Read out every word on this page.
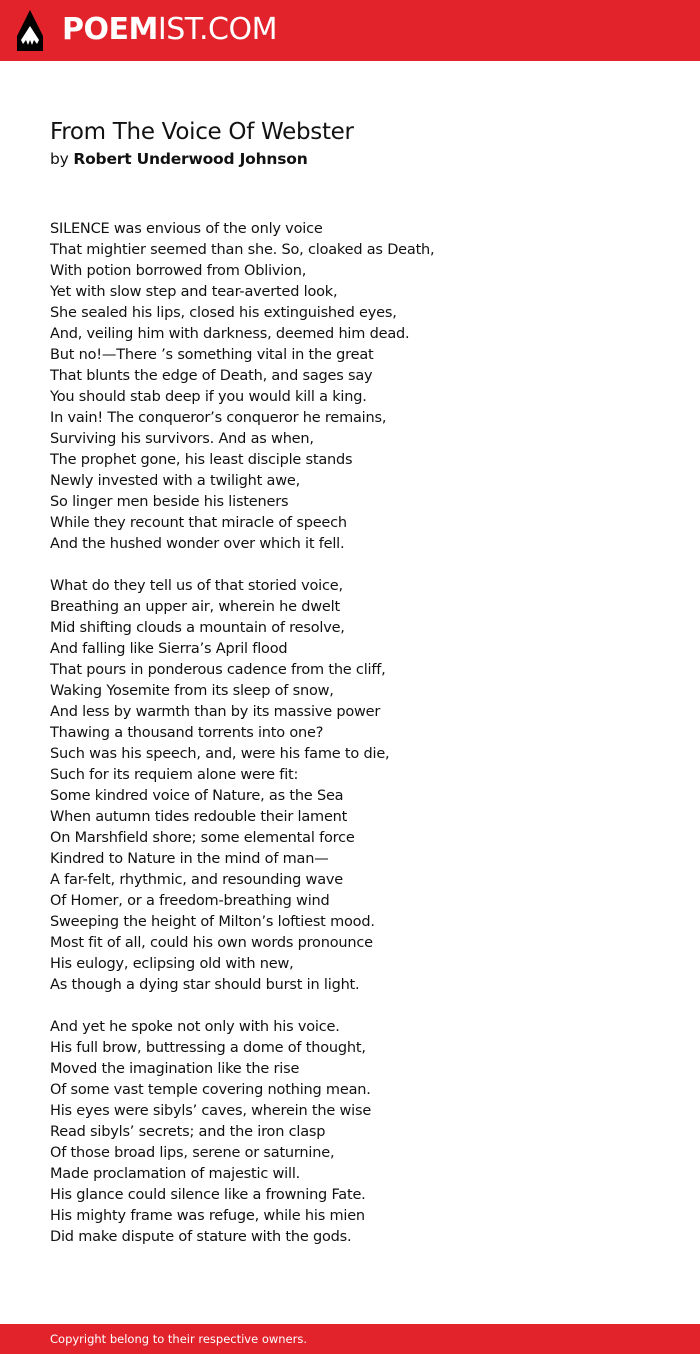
POEMIST.COM
From The Voice Of Webster
by Robert Underwood Johnson
SILENCE was envious of the only voice
That mightier seemed than she. So, cloaked as Death,
With potion borrowed from Oblivion,
Yet with slow step and tear-averted look,
She sealed his lips, closed his extinguished eyes,
And, veiling him with darkness, deemed him dead.
But no!—There ’s something vital in the great
That blunts the edge of Death, and sages say
You should stab deep if you would kill a king.
In vain! The conqueror’s conqueror he remains,
Surviving his survivors. And as when,
The prophet gone, his least disciple stands
Newly invested with a twilight awe,
So linger men beside his listeners
While they recount that miracle of speech
And the hushed wonder over which it fell.
What do they tell us of that storied voice,
Breathing an upper air, wherein he dwelt
Mid shifting clouds a mountain of resolve,
And falling like Sierra’s April flood
That pours in ponderous cadence from the cliff,
Waking Yosemite from its sleep of snow,
And less by warmth than by its massive power
Thawing a thousand torrents into one?
Such was his speech, and, were his fame to die,
Such for its requiem alone were fit:
Some kindred voice of Nature, as the Sea
When autumn tides redouble their lament
On Marshfield shore; some elemental force
Kindred to Nature in the mind of man—
A far-felt, rhythmic, and resounding wave
Of Homer, or a freedom-breathing wind
Sweeping the height of Milton’s loftiest mood.
Most fit of all, could his own words pronounce
His eulogy, eclipsing old with new,
As though a dying star should burst in light.
And yet he spoke not only with his voice.
His full brow, buttressing a dome of thought,
Moved the imagination like the rise
Of some vast temple covering nothing mean.
His eyes were sibyls’ caves, wherein the wise
Read sibyls’ secrets; and the iron clasp
Of those broad lips, serene or saturnine,
Made proclamation of majestic will.
His glance could silence like a frowning Fate.
His mighty frame was refuge, while his mien
Did make dispute of stature with the gods.
Copyright belong to their respective owners.
